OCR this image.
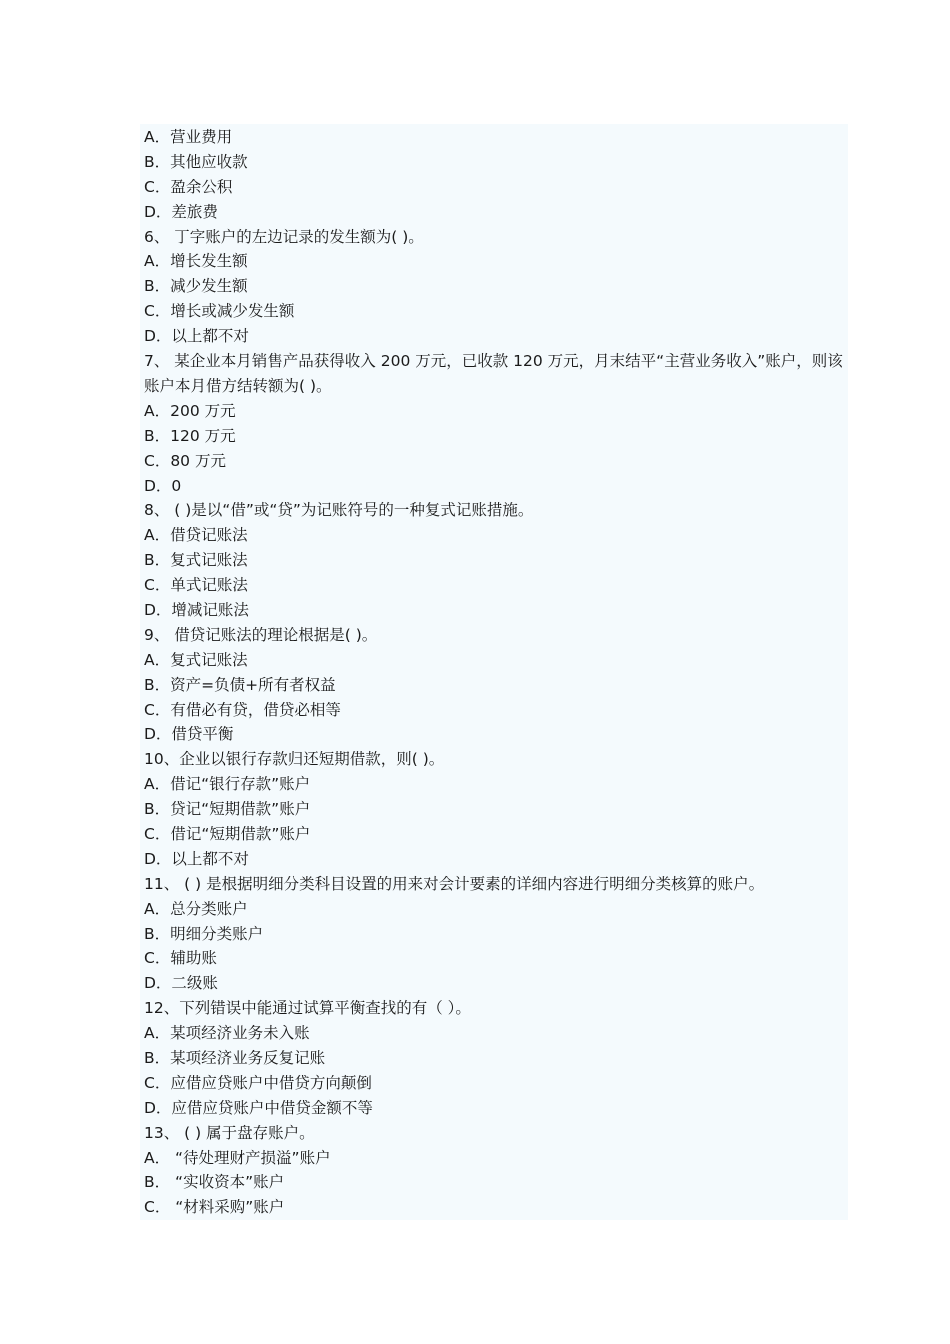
A．营业费用
B．其他应收款
C．盈余公积
D．差旅费
6、 丁字账户的左边记录的发生额为( )。
A．增长发生额
B．减少发生额
C．增长或减少发生额
D．以上都不对
7、 某企业本月销售产品获得收入 200 万元，已收款 120 万元，月末结平“主营业务收入”账户，则该账户本月借方结转额为( )。
A．200 万元
B．120 万元
C．80 万元
D．0
8、 ( )是以“借”或“贷”为记账符号的一种复式记账措施。
A．借贷记账法
B．复式记账法
C．单式记账法
D．增减记账法
9、 借贷记账法的理论根据是( )。
A．复式记账法
B．资产=负债+所有者权益
C．有借必有贷，借贷必相等
D．借贷平衡
10、企业以银行存款归还短期借款，则( )。
A．借记“银行存款”账户
B．贷记“短期借款”账户
C．借记“短期借款”账户
D．以上都不对
11、 ( ) 是根据明细分类科目设置的用来对会计要素的详细内容进行明细分类核算的账户。
A．总分类账户
B．明细分类账户
C．辅助账
D．二级账
12、下列错误中能通过试算平衡查找的有（ ）。
A．某项经济业务未入账
B．某项经济业务反复记账
C．应借应贷账户中借贷方向颠倒
D．应借应贷账户中借贷金额不等
13、 ( ) 属于盘存账户。
A． “待处理财产损溢”账户
B． “实收资本”账户
C． “材料采购”账户
